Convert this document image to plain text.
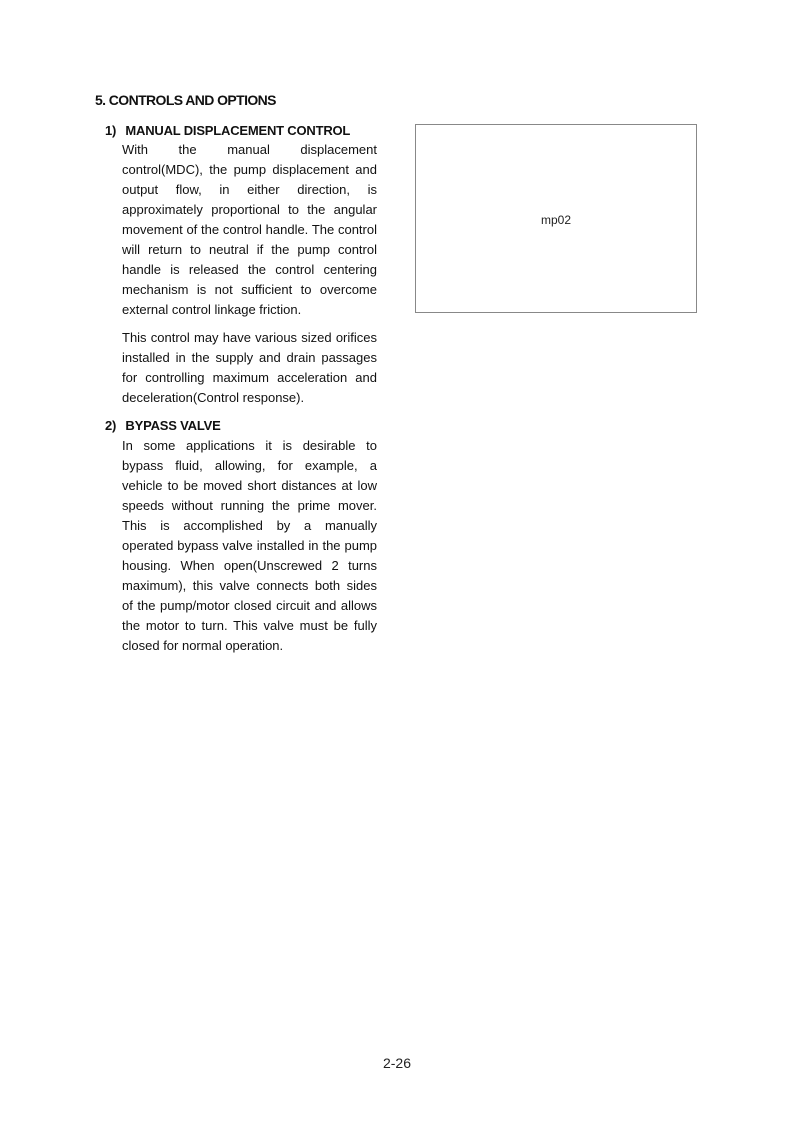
5. CONTROLS AND OPTIONS
1) MANUAL DISPLACEMENT CONTROL

With the manual displacement control(MDC), the pump displacement and output flow, in either direction, is approximately proportional to the angular movement of the control handle. The control will return to neutral if the pump control handle is released the control centering mechanism is not sufficient to overcome external control linkage friction.

This control may have various sized orifices installed in the supply and drain passages for controlling maximum acceleration and deceleration(Control response).

2) BYPASS VALVE

In some applications it is desirable to bypass fluid, allowing, for example, a vehicle to be moved short distances at low speeds without running the prime mover. This is accomplished by a manually operated bypass valve installed in the pump housing. When open(Unscrewed 2 turns maximum), this valve connects both sides of the pump/motor closed circuit and allows the motor to turn. This valve must be fully closed for normal operation.

mp02
2-26
